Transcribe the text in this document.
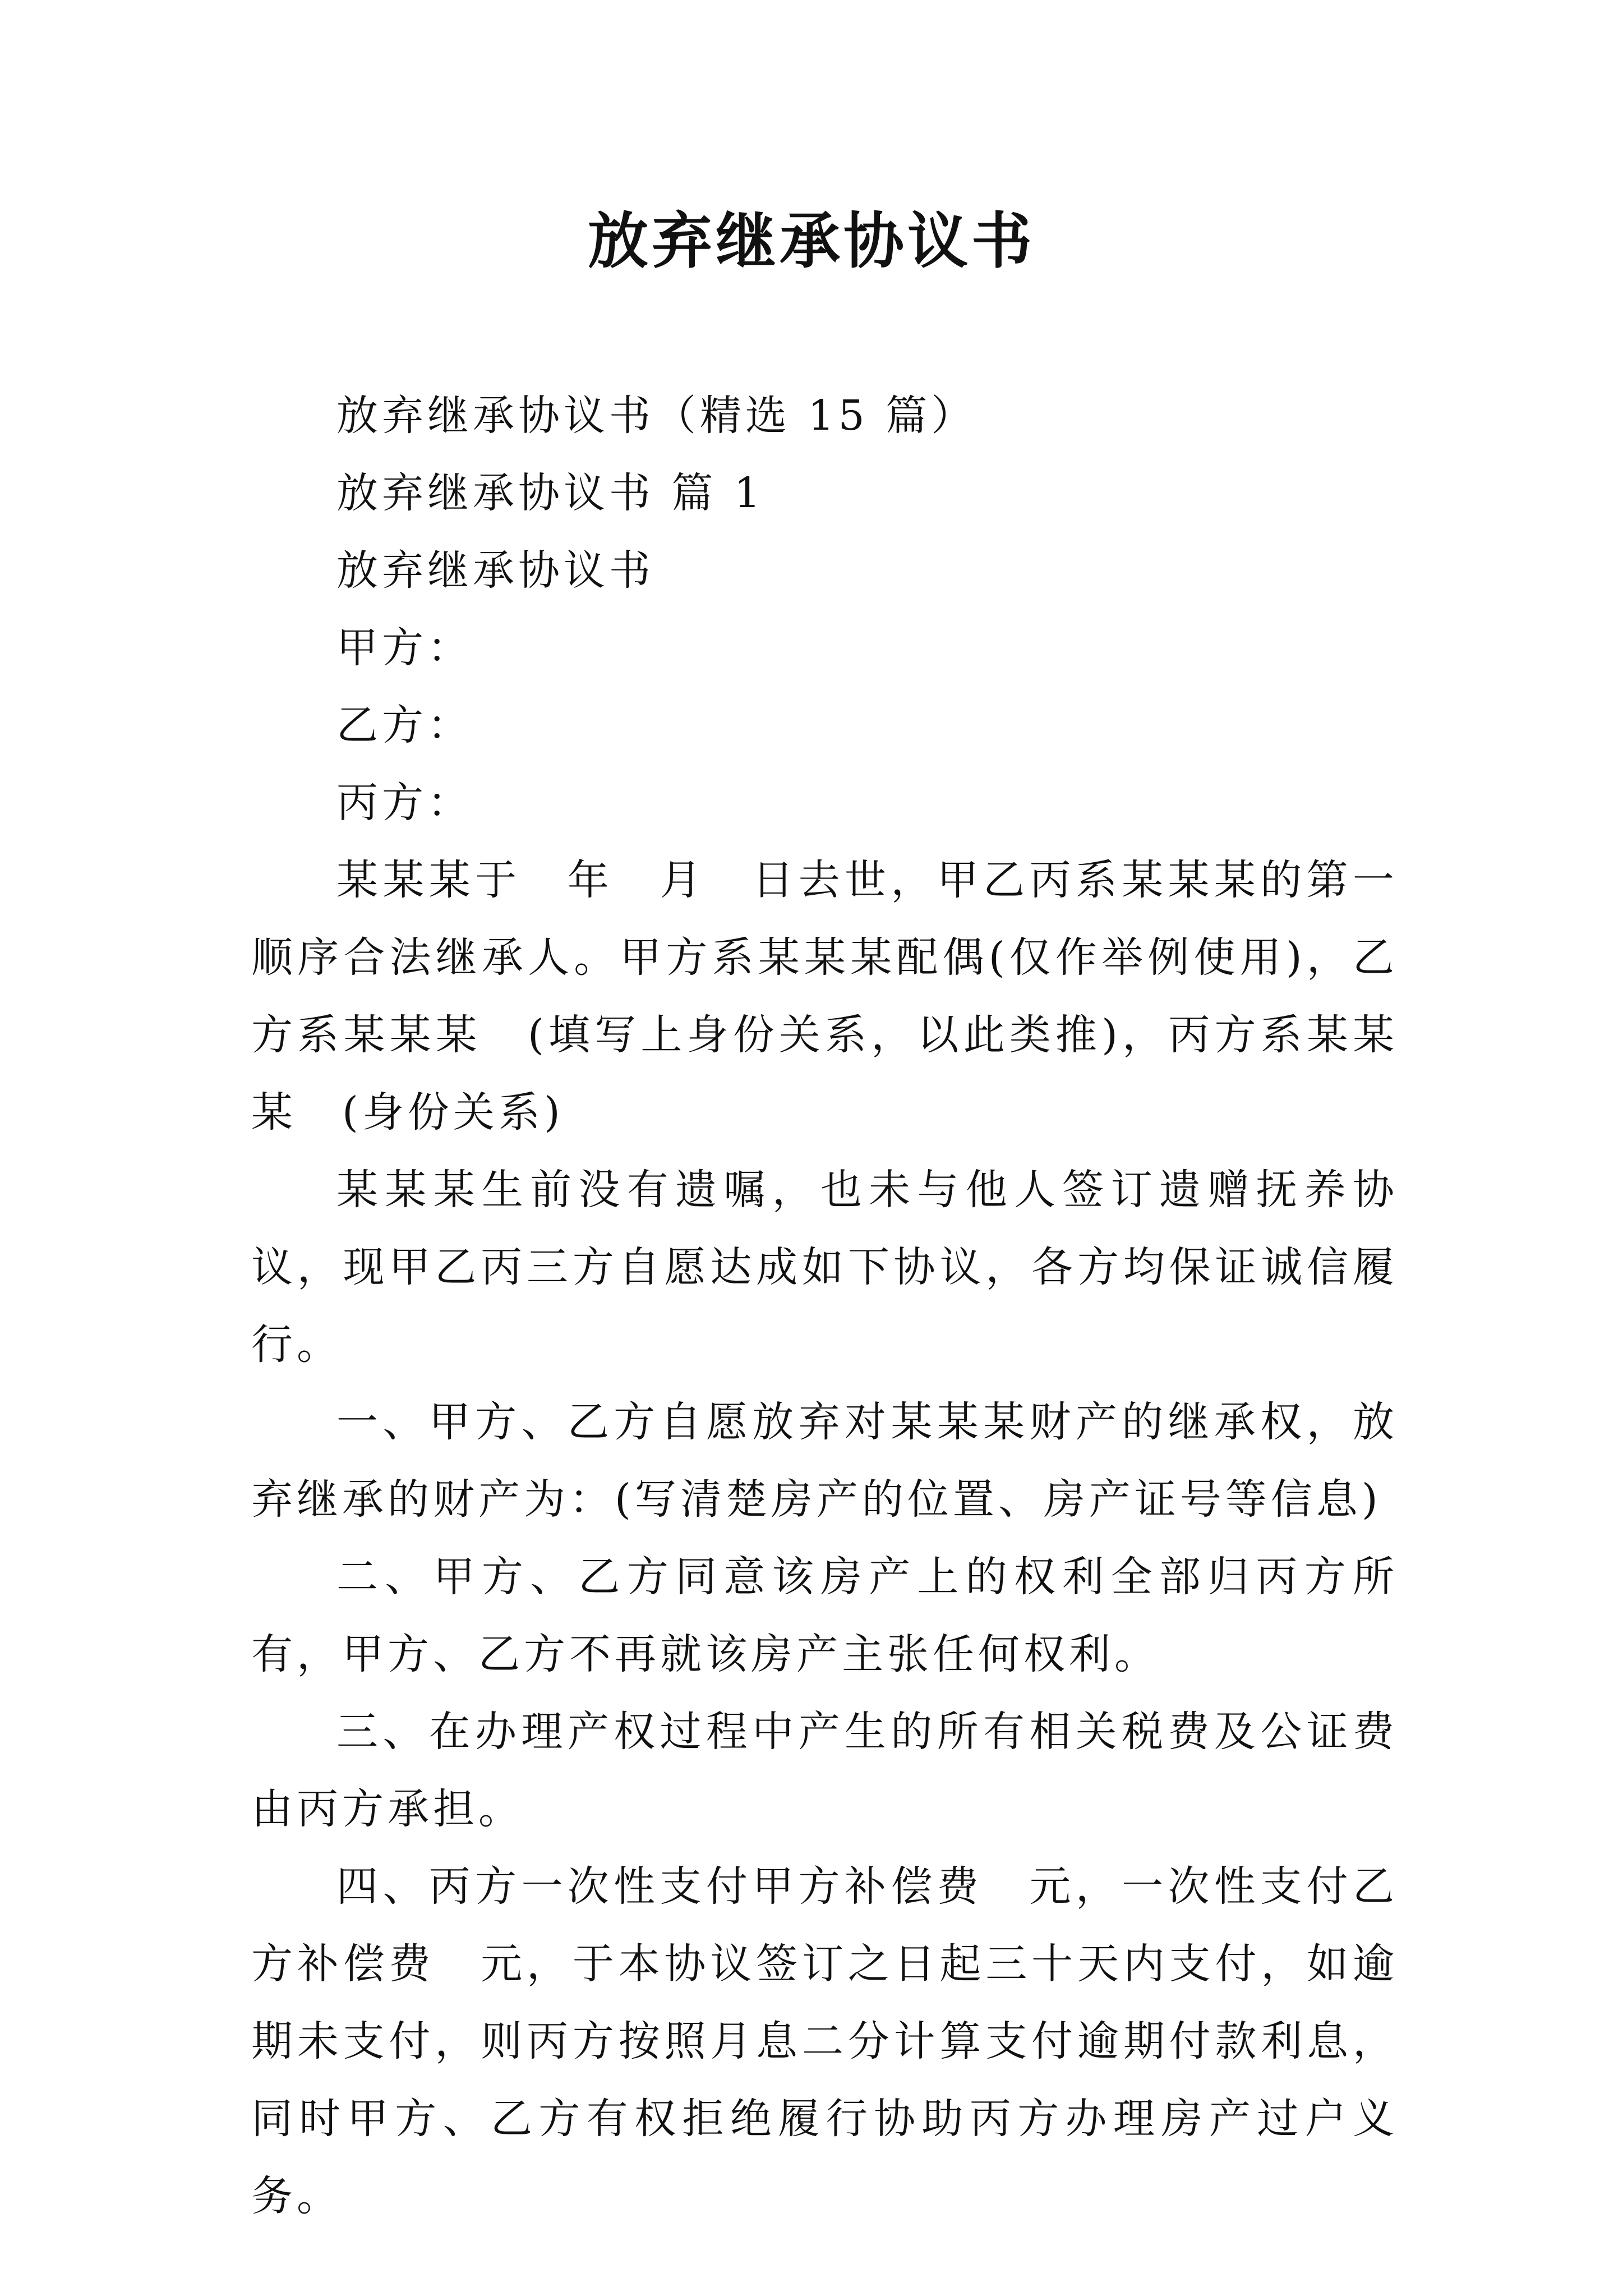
放弃继承协议书

放弃继承协议书（精选 15 篇）

放弃继承协议书 篇 1

放弃继承协议书

甲方：

乙方：

丙方：

某某某于　年　月　日去世，甲乙丙系某某某的第一顺序合法继承人。甲方系某某某配偶(仅作举例使用)，乙方系某某某　(填写上身份关系，以此类推)，丙方系某某某　(身份关系)

某某某生前没有遗嘱，也未与他人签订遗赠抚养协议，现甲乙丙三方自愿达成如下协议，各方均保证诚信履行。

一、甲方、乙方自愿放弃对某某某财产的继承权，放弃继承的财产为：(写清楚房产的位置、房产证号等信息)

二、甲方、乙方同意该房产上的权利全部归丙方所有，甲方、乙方不再就该房产主张任何权利。

三、在办理产权过程中产生的所有相关税费及公证费由丙方承担。

四、丙方一次性支付甲方补偿费　元，一次性支付乙方补偿费　元，于本协议签订之日起三十天内支付，如逾期未支付，则丙方按照月息二分计算支付逾期付款利息，同时甲方、乙方有权拒绝履行协助丙方办理房产过户义务。
